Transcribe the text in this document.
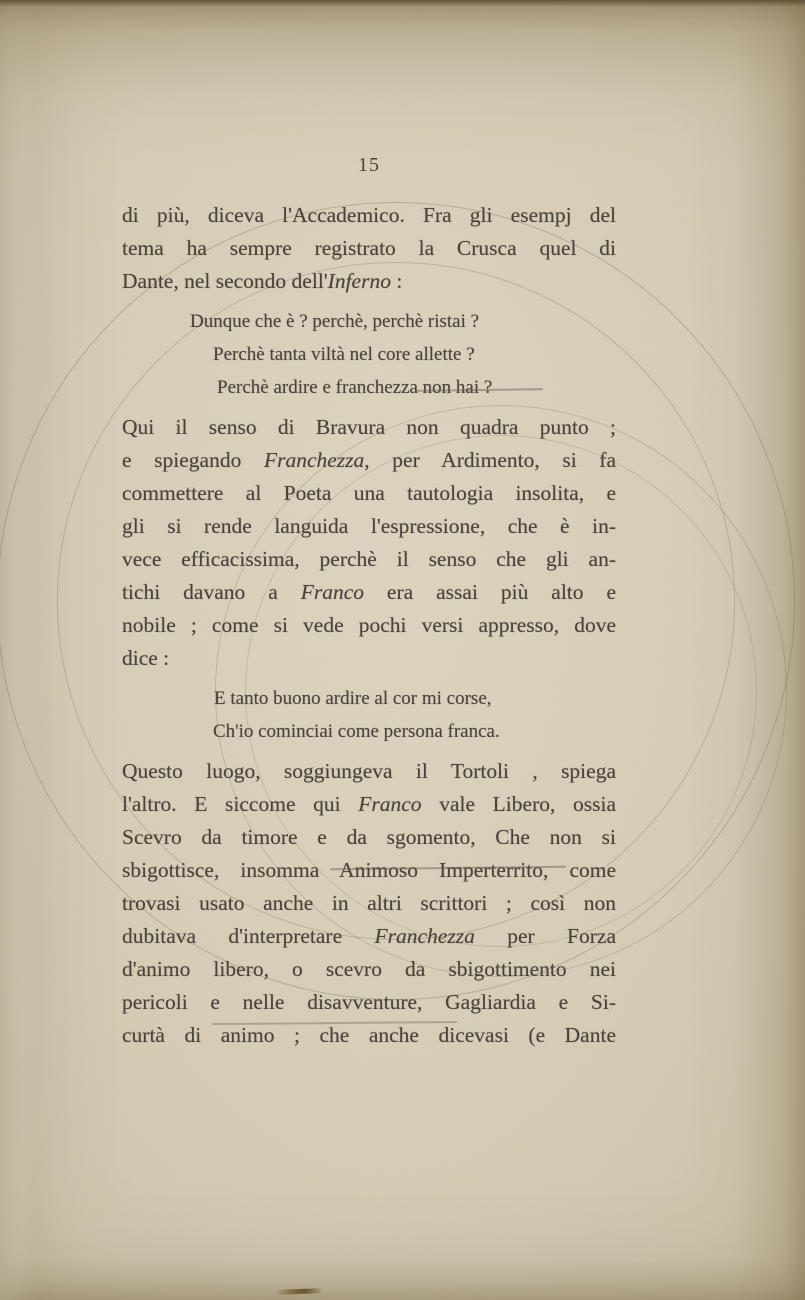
15
di più, diceva l'Accademico. Fra gli esempj del
tema ha sempre registrato la Crusca quel di
Dante, nel secondo dell'Inferno :
Dunque che è ? perchè, perchè ristai ?
Perchè tanta viltà nel core allette ?
Perchè ardire e franchezza non hai ?
Qui il senso di Bravura non quadra punto ;
e spiegando Franchezza, per Ardimento, si fa
commettere al Poeta una tautologia insolita, e
gli si rende languida l'espressione, che è in-
vece efficacissima, perchè il senso che gli an-
tichi davano a Franco era assai più alto e
nobile ; come si vede pochi versi appresso, dove
dice :
E tanto buono ardire al cor mi corse,
Ch'io cominciai come persona franca.
Questo luogo, soggiungeva il Tortoli , spiega
l'altro. E siccome qui Franco vale Libero, ossia
Scevro da timore e da sgomento, Che non si
sbigottisce, insomma Animoso Imperterrito, come
trovasi usato anche in altri scrittori ; così non
dubitava d'interpretare Franchezza per Forza
d'animo libero, o scevro da sbigottimento nei
pericoli e nelle disavventure, Gagliardia e Si-
curtà di animo ; che anche dicevasi (e Dante
